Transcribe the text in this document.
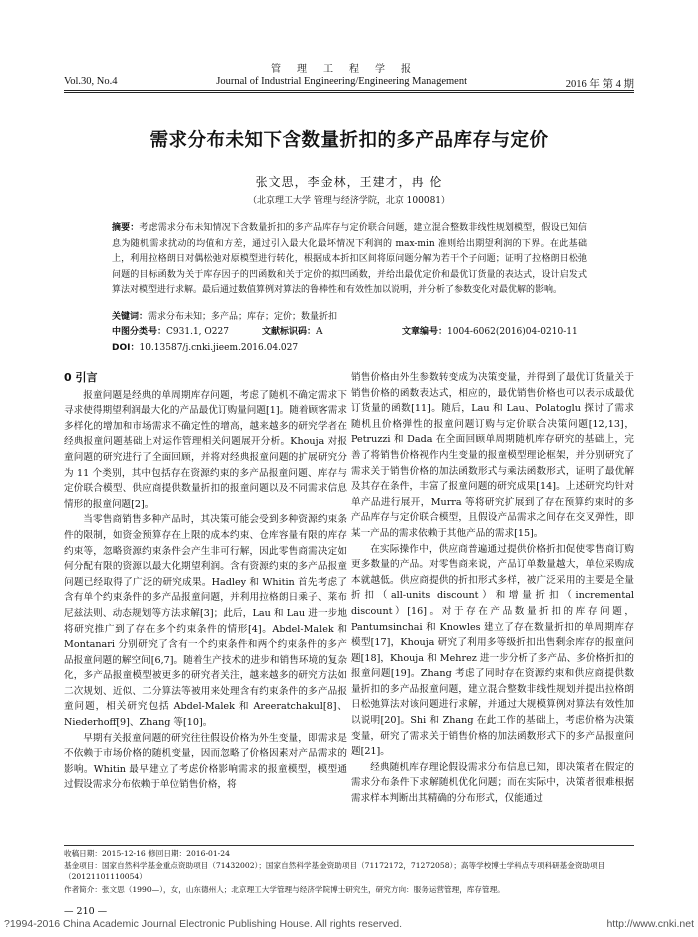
管理工程学报
Vol.30, No.4	Journal of Industrial Engineering/Engineering Management	2016 年 第 4 期
需求分布未知下含数量折扣的多产品库存与定价
张文思，李金林，王建才，冉 伦
（北京理工大学 管理与经济学院，北京 100081）
摘要：考虑需求分布未知情况下含数量折扣的多产品库存与定价联合问题，建立混合整数非线性规划模型，假设已知信息为随机需求扰动的均值和方差，通过引入最大化最坏情况下利润的 max-min 准则给出期望利润的下界。在此基础上，利用拉格朗日对偶松弛对原模型进行转化，根据成本折扣区间将原问题分解为若干个子问题；证明了拉格朗日松弛问题的目标函数为关于库存因子的凹函数和关于定价的拟凹函数，并给出最优定价和最优订货量的表达式，设计启发式算法对模型进行求解。最后通过数值算例对算法的鲁棒性和有效性加以说明，并分析了参数变化对最优解的影响。
关键词：需求分布未知；多产品；库存；定价；数量折扣
中图分类号：C931.1, O227	文献标识码：A	文章编号：1004-6062(2016)04-0210-11
DOI：10.13587/j.cnki.jieem.2016.04.027
0 引言

报童问题是经典的单周期库存问题，考虑了随机不确定需求下寻求使得期望利润最大化的产品最优订购量问题[1]。随着顾客需求多样化的增加和市场需求不确定性的增高，越来越多的研究学者在经典报童问题基础上对运作管理相关问题展开分析。Khouja 对报童问题的研究进行了全面回顾，并将对经典报童问题的扩展研究分为 11 个类别，其中包括存在资源约束的多产品报童问题、库存与定价联合模型、供应商提供数量折扣的报童问题以及不同需求信息情形的报童问题[2]。

当零售商销售多种产品时，其决策可能会受到多种资源约束条件的限制，如资金预算存在上限的成本约束、仓库容量有限的库存约束等，忽略资源约束条件会产生非可行解，因此零售商需决定如何分配有限的资源以最大化期望利润。含有资源约束的多产品报童问题已经取得了广泛的研究成果。Hadley 和 Whitin 首先考虑了含有单个约束条件的多产品报童问题，并利用拉格朗日乘子、莱布尼兹法则、动态规划等方法求解[3]；此后，Lau 和 Lau 进一步地将研究推广到了存在多个约束条件的情形[4]。Abdel-Malek 和 Montanari 分别研究了含有一个约束条件和两个约束条件的多产品报童问题的解空间[6,7]。随着生产技术的进步和销售环境的复杂化，多产品报童模型被更多的研究者关注，越来越多的研究方法如二次规划、近似、二分算法等被用来处理含有约束条件的多产品报童问题，相关研究包括 Abdel-Malek 和 Areeratchakul[8]、Niederhoff[9]、Zhang 等[10]。

早期有关报童问题的研究往往假设价格为外生变量，即需求是不依赖于市场价格的随机变量，因而忽略了价格因素对产品需求的影响。Whitin 最早建立了考虑价格影响需求的报童模型，模型通过假设需求分布依赖于单位销售价格，将

销售价格由外生参数转变成为决策变量，并得到了最优订货量关于销售价格的函数表达式，相应的，最优销售价格也可以表示成最优订货量的函数[11]。随后，Lau 和 Lau、Polatoglu 探讨了需求随机且价格弹性的报童问题订购与定价联合决策问题[12,13]，Petruzzi 和 Dada 在全面回顾单周期随机库存研究的基础上，完善了将销售价格视作内生变量的报童模型理论框架，并分别研究了需求关于销售价格的加法函数形式与乘法函数形式，证明了最优解及其存在条件，丰富了报童问题的研究成果[14]。上述研究均针对单产品进行展开，Murra 等将研究扩展到了存在预算约束时的多产品库存与定价联合模型，且假设产品需求之间存在交叉弹性，即某一产品的需求依赖于其他产品的需求[15]。

在实际操作中，供应商普遍通过提供价格折扣促使零售商订购更多数量的产品。对零售商来说，产品订单数量越大，单位采购成本就越低。供应商提供的折扣形式多样，被广泛采用的主要是全量折扣（all-units discount）和增量折扣（incremental discount）[16]。对于存在产品数量折扣的库存问题，Pantumsinchai 和 Knowles 建立了存在数量折扣的单周期库存模型[17]，Khouja 研究了利用多等级折扣出售剩余库存的报童问题[18]，Khouja 和 Mehrez 进一步分析了多产品、多价格折扣的报童问题[19]。Zhang 考虑了同时存在资源约束和供应商提供数量折扣的多产品报童问题，建立混合整数非线性规划并提出拉格朗日松弛算法对该问题进行求解，并通过大规模算例对算法有效性加以说明[20]。Shi 和 Zhang 在此工作的基础上，考虑价格为决策变量，研究了需求关于销售价格的加法函数形式下的多产品报童问题[21]。

经典随机库存理论假设需求分布信息已知，即决策者在假定的需求分布条件下求解随机优化问题；而在实际中，决策者很难根据需求样本判断出其精确的分布形式，仅能通过

收稿日期：2015-12-16 修回日期：2016-01-24
基金项目：国家自然科学基金重点资助项目（71432002）；国家自然科学基金资助项目（71172172，71272058）；高等学校博士学科点专项科研基金资助项目（20121101110054）
作者简介：张文思（1990—），女，山东德州人；北京理工大学管理与经济学院博士研究生，研究方向：服务运营管理，库存管理。
— 210 —
?1994-2016 China Academic Journal Electronic Publishing House. All rights reserved.	http://www.cnki.net
